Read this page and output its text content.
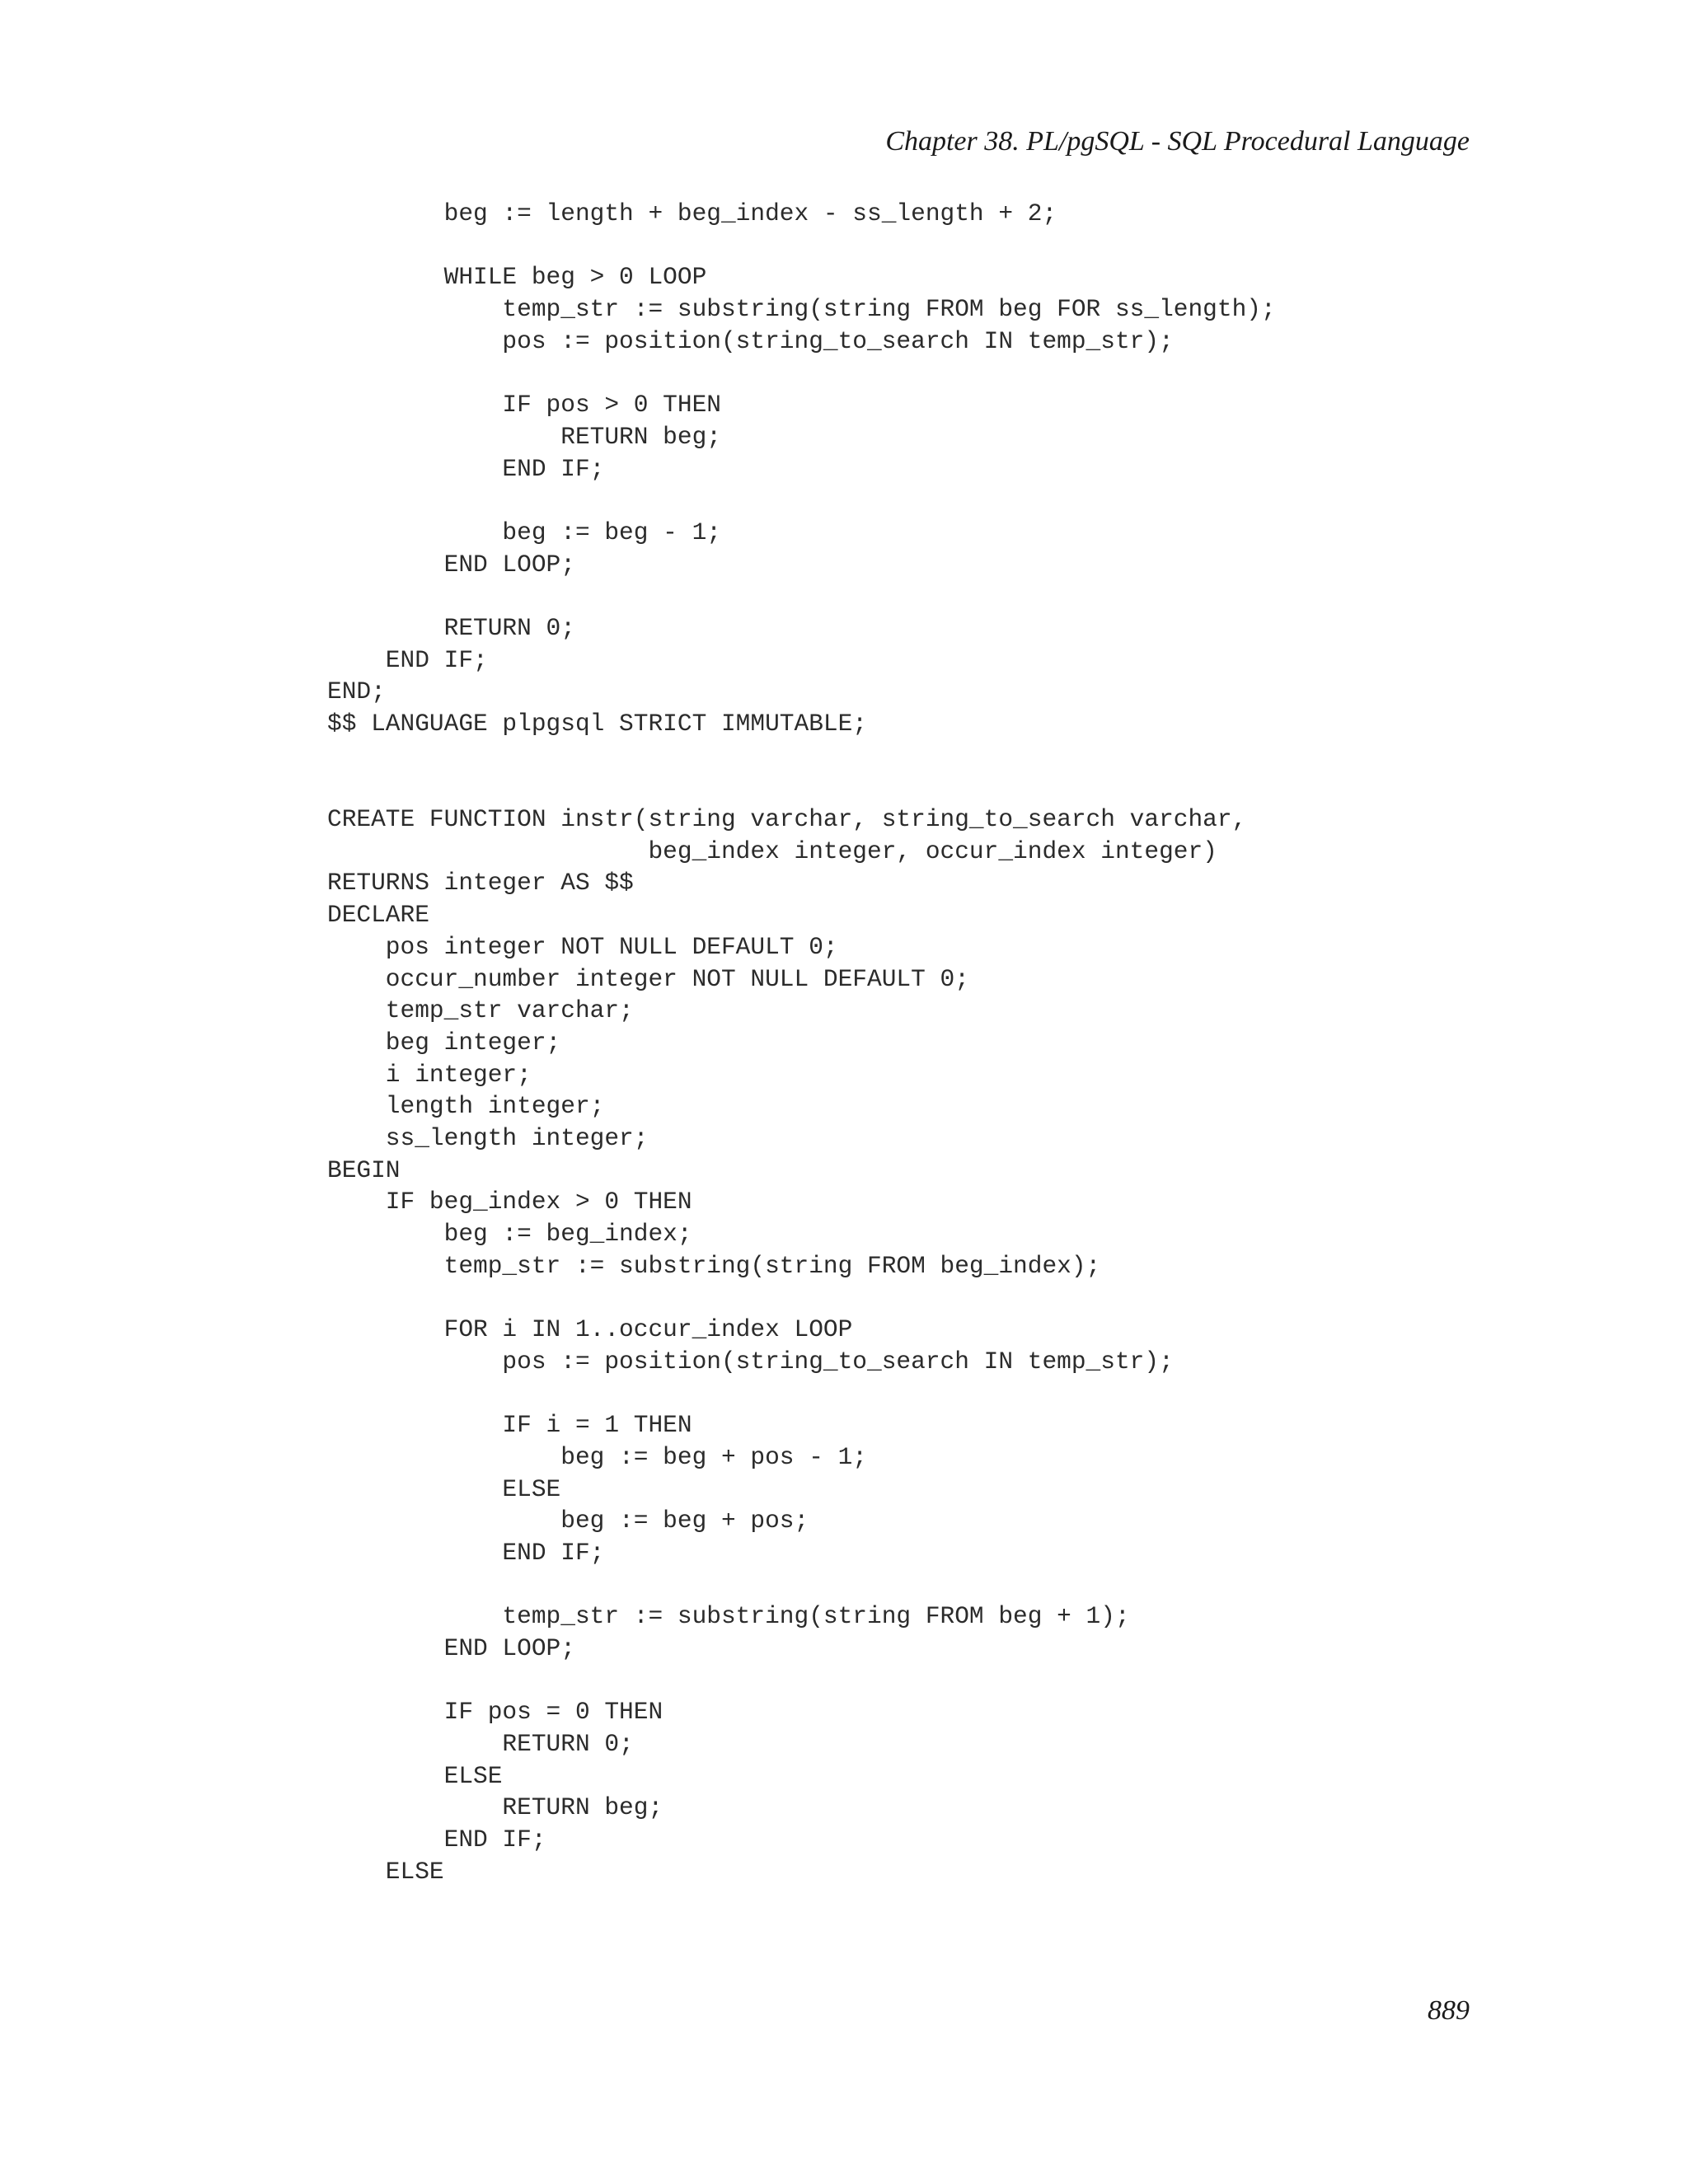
Chapter 38. PL/pgSQL - SQL Procedural Language
beg := length + beg_index - ss_length + 2;
WHILE beg > 0 LOOP
temp_str := substring(string FROM beg FOR ss_length);
pos := position(string_to_search IN temp_str);
IF pos > 0 THEN
RETURN beg;
END IF;
beg := beg - 1;
END LOOP;
RETURN 0;
END IF;
END;
$$ LANGUAGE plpgsql STRICT IMMUTABLE;
CREATE FUNCTION instr(string varchar, string_to_search varchar,
beg_index integer, occur_index integer)
RETURNS integer AS $$
DECLARE
pos integer NOT NULL DEFAULT 0;
occur_number integer NOT NULL DEFAULT 0;
temp_str varchar;
beg integer;
i integer;
length integer;
ss_length integer;
BEGIN
IF beg_index > 0 THEN
beg := beg_index;
temp_str := substring(string FROM beg_index);
FOR i IN 1..occur_index LOOP
pos := position(string_to_search IN temp_str);
IF i = 1 THEN
beg := beg + pos - 1;
ELSE
beg := beg + pos;
END IF;
temp_str := substring(string FROM beg + 1);
END LOOP;
IF pos = 0 THEN
RETURN 0;
ELSE
RETURN beg;
END IF;
ELSE
889
